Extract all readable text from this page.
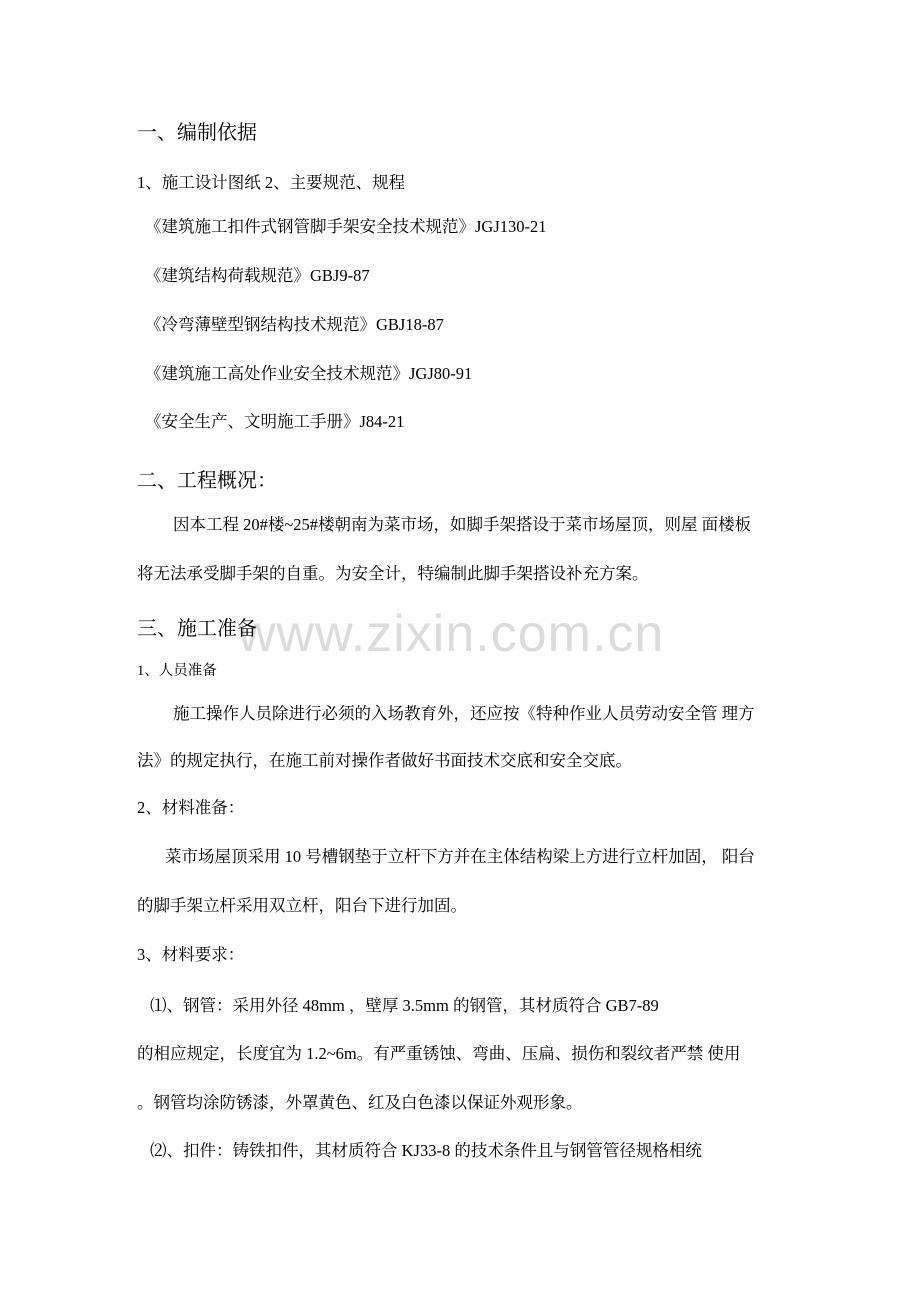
www.zixin.com.cn
一、编制依据
1、施工设计图纸 2、主要规范、规程
《建筑施工扣件式钢管脚手架安全技术规范》JGJ130-21
《建筑结构荷载规范》GBJ9-87
《冷弯薄壁型钢结构技术规范》GBJ18-87
《建筑施工高处作业安全技术规范》JGJ80-91
《安全生产、文明施工手册》J84-21
二、工程概况：
因本工程 20#楼~25#楼朝南为菜市场，如脚手架搭设于菜市场屋顶，则屋 面楼板
将无法承受脚手架的自重。为安全计，特编制此脚手架搭设补充方案。
三、施工准备
1、人员准备
施工操作人员除进行必须的入场教育外，还应按《特种作业人员劳动安全管 理方
法》的规定执行，在施工前对操作者做好书面技术交底和安全交底。
2、材料准备：
菜市场屋顶采用 10 号槽钢垫于立杆下方并在主体结构梁上方进行立杆加固， 阳台
的脚手架立杆采用双立杆，阳台下进行加固。
3、材料要求：
⑴、钢管：采用外径 48mm ，壁厚 3.5mm 的钢管，其材质符合 GB7-89
的相应规定，长度宜为 1.2~6m。有严重锈蚀、弯曲、压扁、损伤和裂纹者严禁 使用
。钢管均涂防锈漆，外罩黄色、红及白色漆以保证外观形象。
⑵、扣件：铸铁扣件，其材质符合 KJ33-8 的技术条件且与钢管管径规格相统
